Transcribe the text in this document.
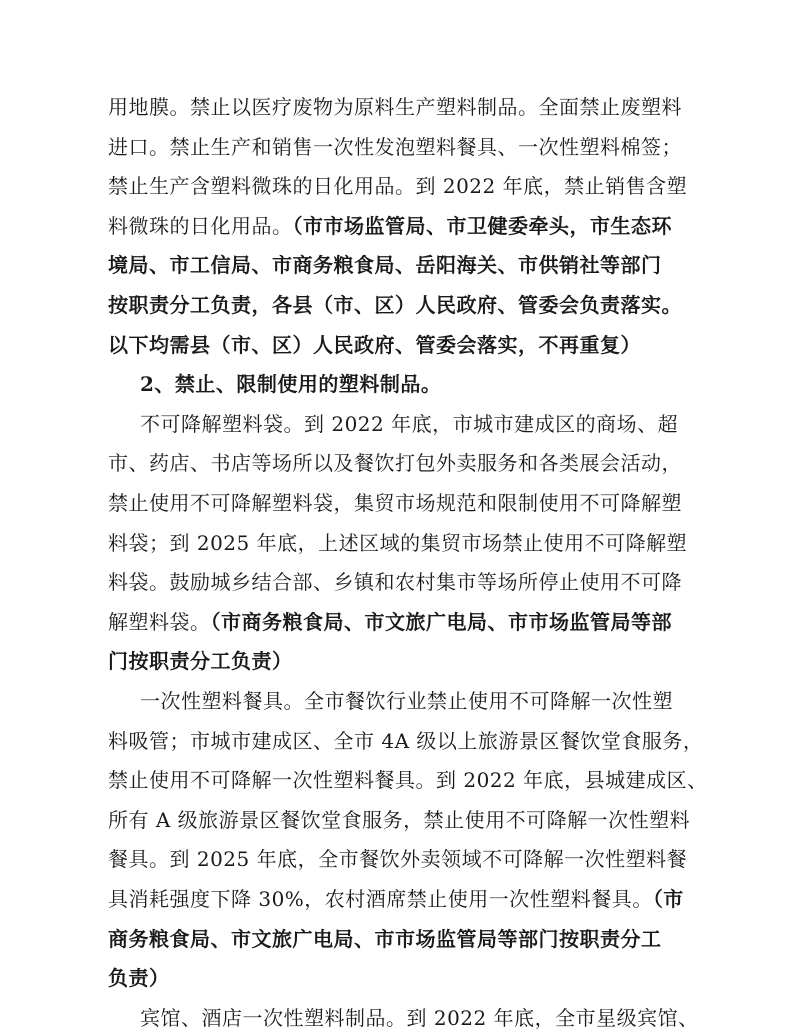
用地膜。禁止以医疗废物为原料生产塑料制品。全面禁止废塑料
进口。禁止生产和销售一次性发泡塑料餐具、一次性塑料棉签；
禁止生产含塑料微珠的日化用品。到 2022 年底，禁止销售含塑
料微珠的日化用品。（市市场监管局、市卫健委牵头，市生态环
境局、市工信局、市商务粮食局、岳阳海关、市供销社等部门
按职责分工负责，各县（市、区）人民政府、管委会负责落实。
以下均需县（市、区）人民政府、管委会落实，不再重复）
2、禁止、限制使用的塑料制品。
不可降解塑料袋。到 2022 年底，市城市建成区的商场、超
市、药店、书店等场所以及餐饮打包外卖服务和各类展会活动，
禁止使用不可降解塑料袋，集贸市场规范和限制使用不可降解塑
料袋；到 2025 年底，上述区域的集贸市场禁止使用不可降解塑
料袋。鼓励城乡结合部、乡镇和农村集市等场所停止使用不可降
解塑料袋。（市商务粮食局、市文旅广电局、市市场监管局等部
门按职责分工负责）
一次性塑料餐具。全市餐饮行业禁止使用不可降解一次性塑
料吸管；市城市建成区、全市 4A 级以上旅游景区餐饮堂食服务，
禁止使用不可降解一次性塑料餐具。到 2022 年底，县城建成区、
所有 A 级旅游景区餐饮堂食服务，禁止使用不可降解一次性塑料
餐具。到 2025 年底，全市餐饮外卖领域不可降解一次性塑料餐
具消耗强度下降 30%，农村酒席禁止使用一次性塑料餐具。（市
商务粮食局、市文旅广电局、市市场监管局等部门按职责分工
负责）
宾馆、酒店一次性塑料制品。到 2022 年底，全市星级宾馆、
